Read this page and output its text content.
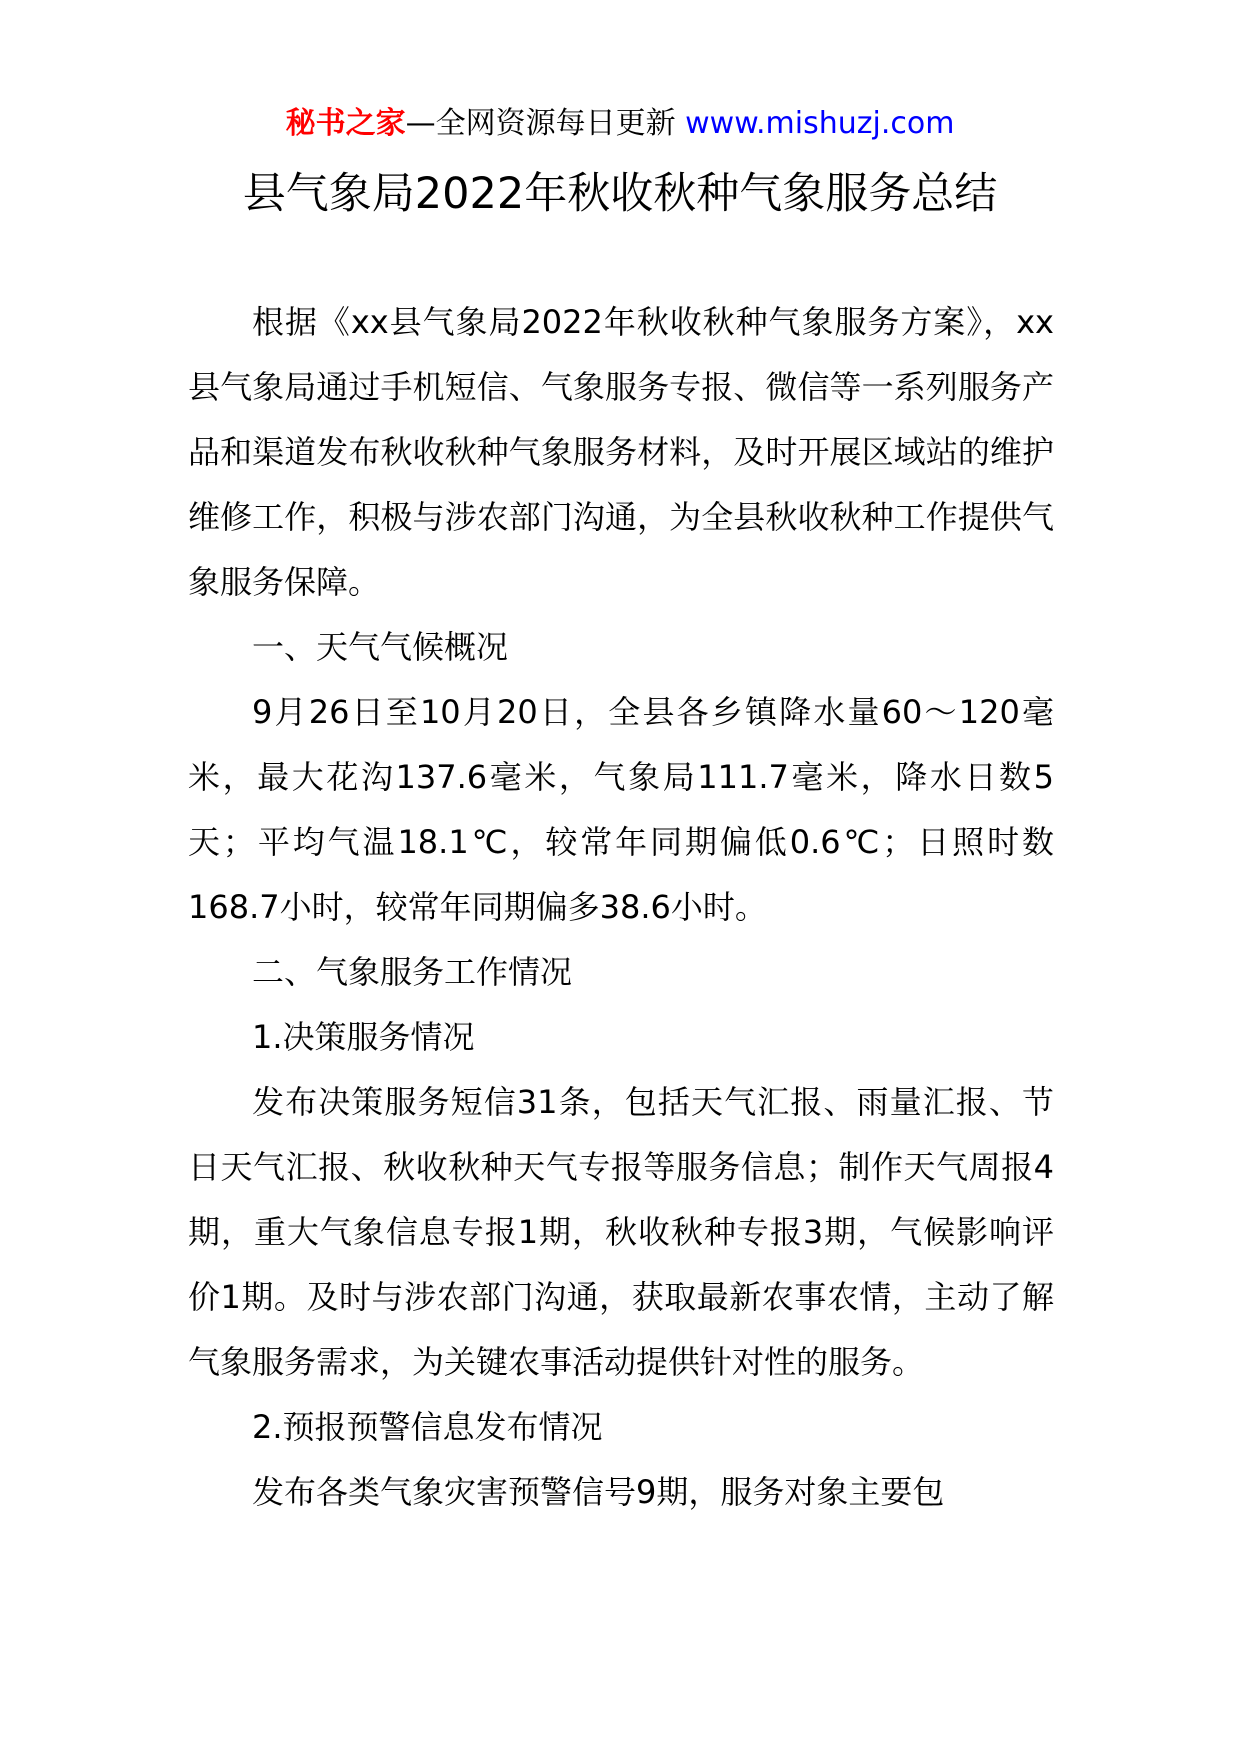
秘书之家—全网资源每日更新 www.mishuzj.com
县气象局2022年秋收秋种气象服务总结

根据《xx县气象局2022年秋收秋种气象服务方案》，xx县气象局通过手机短信、气象服务专报、微信等一系列服务产品和渠道发布秋收秋种气象服务材料，及时开展区域站的维护维修工作，积极与涉农部门沟通，为全县秋收秋种工作提供气象服务保障。

一、天气气候概况

9月26日至10月20日，全县各乡镇降水量60～120毫米，最大花沟137.6毫米，气象局111.7毫米，降水日数5天；平均气温18.1℃，较常年同期偏低0.6℃；日照时数168.7小时，较常年同期偏多38.6小时。

二、气象服务工作情况

1.决策服务情况

发布决策服务短信31条，包括天气汇报、雨量汇报、节日天气汇报、秋收秋种天气专报等服务信息；制作天气周报4期，重大气象信息专报1期，秋收秋种专报3期，气候影响评价1期。及时与涉农部门沟通，获取最新农事农情，主动了解气象服务需求，为关键农事活动提供针对性的服务。

2.预报预警信息发布情况

发布各类气象灾害预警信号9期，服务对象主要包
